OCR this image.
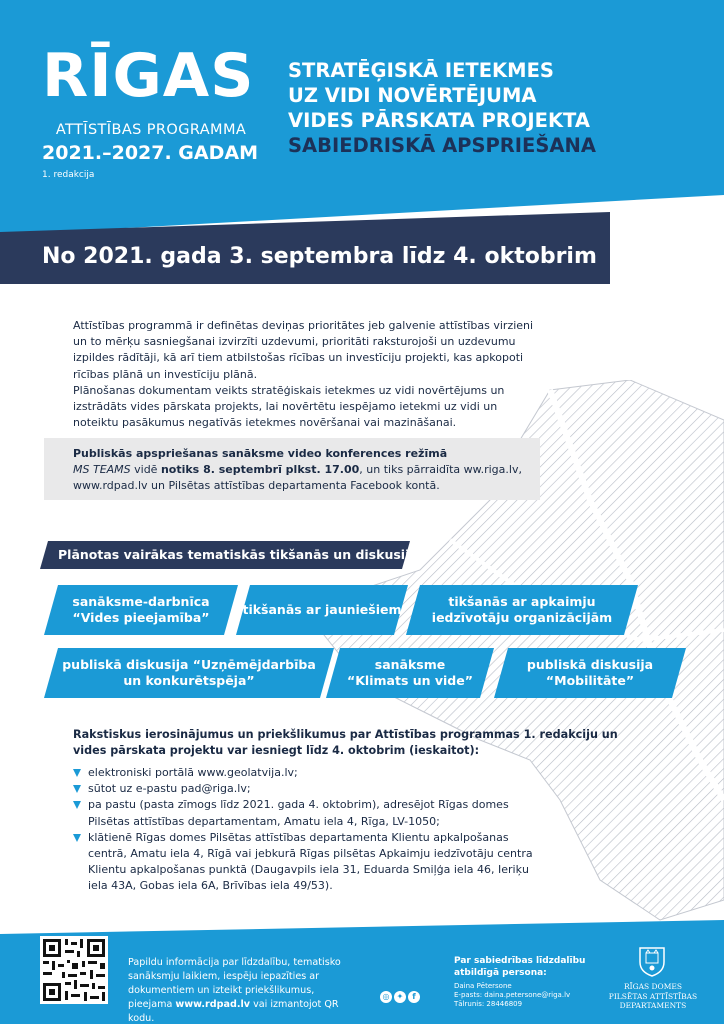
RĪGAS
ATTĪSTĪBAS PROGRAMMA
2021.–2027. GADAM
1. redakcija
STRATĒĢISKĀ IETEKMES
UZ VIDI NOVĒRTĒJUMA
VIDES PĀRSKATA PROJEKTA
SABIEDRISKĀ APSPRIEŠANA
No 2021. gada 3. septembra līdz 4. oktobrim

Attīstības programmā ir definētas deviņas prioritātes jeb galvenie attīstības virzieni un to mērķu sasniegšanai izvirzīti uzdevumi, prioritāti raksturojoši un uzdevumu izpildes rādītāji, kā arī tiem atbilstošas rīcības un investīciju projekti, kas apkopoti rīcības plānā un investīciju plānā.

Plānošanas dokumentam veikts stratēģiskais ietekmes uz vidi novērtējums un izstrādāts vides pārskata projekts, lai novērtētu iespējamo ietekmi uz vidi un noteiktu pasākumus negatīvās ietekmes novēršanai vai mazināšanai.

Publiskās apspriešanas sanāksme video konferences režīmā
MS TEAMS vidē notiks 8. septembrī plkst. 17.00, un tiks pārraidīta ww.riga.lv, www.rdpad.lv un Pilsētas attīstības departamenta Facebook kontā.
Plānotas vairākas tematiskās tikšanās un diskusijas:
sanāksme-darbnīca
“Vides pieejamība”
tikšanās ar jauniešiem
tikšanās ar apkaimju
iedzīvotāju organizācijām
publiskā diskusija “Uzņēmējdarbība
un konkurētspēja”
sanāksme
“Klimats un vide”
publiskā diskusija
“Mobilitāte”
Rakstiskus ierosinājumus un priekšlikumus par Attīstības programmas 1. redakciju un vides pārskata projektu var iesniegt līdz 4. oktobrim (ieskaitot):
elektroniski portālā www.geolatvija.lv;
sūtot uz e-pastu pad@riga.lv;
pa pastu (pasta zīmogs līdz 2021. gada 4. oktobrim), adresējot Rīgas domes Pilsētas attīstības departamentam, Amatu iela 4, Rīga, LV-1050;
klātienē Rīgas domes Pilsētas attīstības departamenta Klientu apkalpošanas centrā, Amatu iela 4, Rīgā vai jebkurā Rīgas pilsētas Apkaimju iedzīvotāju centra Klientu apkalpošanas punktā (Daugavpils iela 31, Eduarda Smiļģa iela 46, Ieriķu iela 43A, Gobas iela 6A, Brīvības iela 49/53).
Papildu informācija par līdzdalību, tematisko sanāksmju laikiem, iespēju iepazīties ar dokumentiem un izteikt priekšlikumus, pieejama www.rdpad.lv vai izmantojot QR kodu.
◎ ✦ f
Par sabiedrības līdzdalību atbildīgā persona:
Daina Pētersone
E-pasts: daina.petersone@riga.lv
Tālrunis: 28446809
RĪGAS DOMES
PILSĒTAS ATTĪSTĪBAS
DEPARTAMENTS
